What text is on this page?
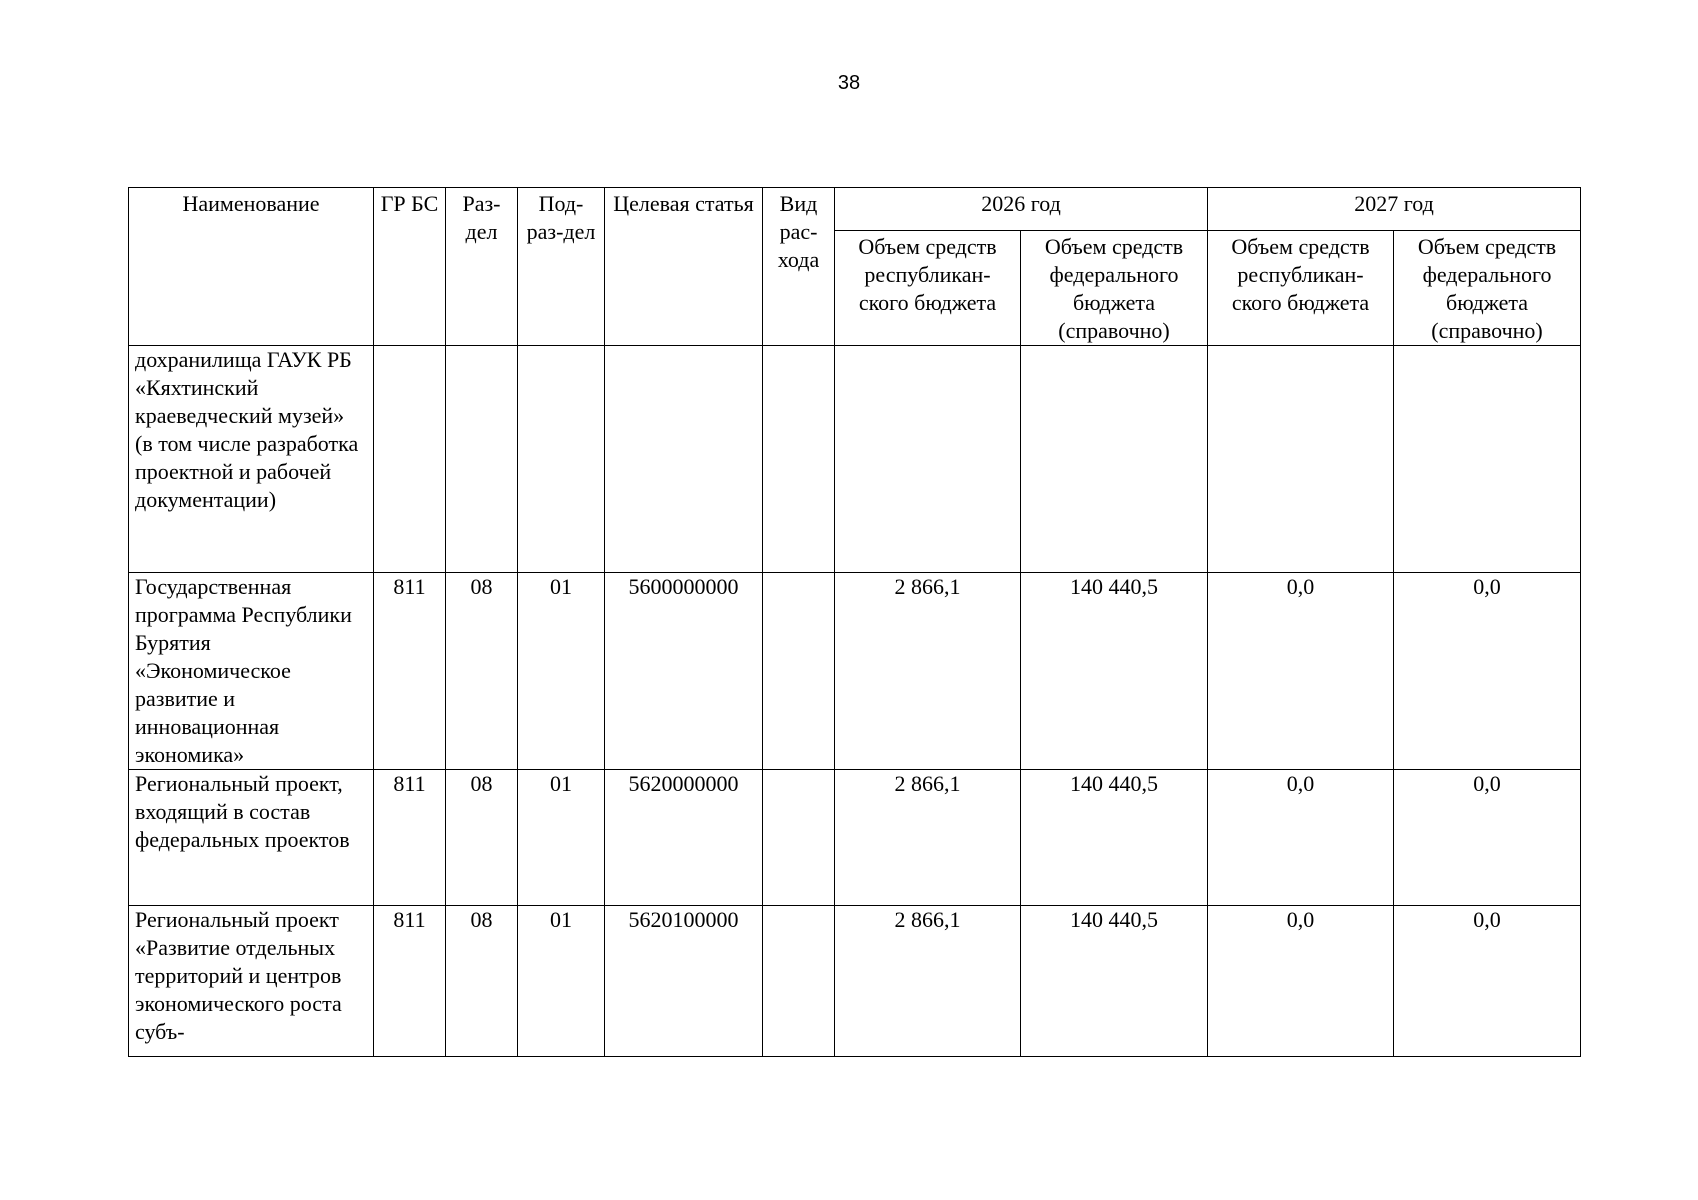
38
Наименование	ГР БС	Раз-дел	Под-раз-дел	Целевая статья	Вид рас-хода	2026 год		2027 год	
						Объем средств республикан-ского бюджета	Объем средств федерального бюджета (справочно)	Объем средств республикан-ского бюджета	Объем средств федерального бюджета (справочно)
дохранилища ГАУК РБ «Кяхтинский краеведческий музей» (в том числе разработка проектной и рабочей документации)									
Государственная программа Республики Бурятия «Экономическое развитие и инновационная экономика»	811	08	01	5600000000		2 866,1	140 440,5	0,0	0,0
Региональный проект, входящий в состав федеральных проектов	811	08	01	5620000000		2 866,1	140 440,5	0,0	0,0
Региональный проект «Развитие отдельных территорий и центров экономического роста субъ-	811	08	01	5620100000		2 866,1	140 440,5	0,0	0,0
